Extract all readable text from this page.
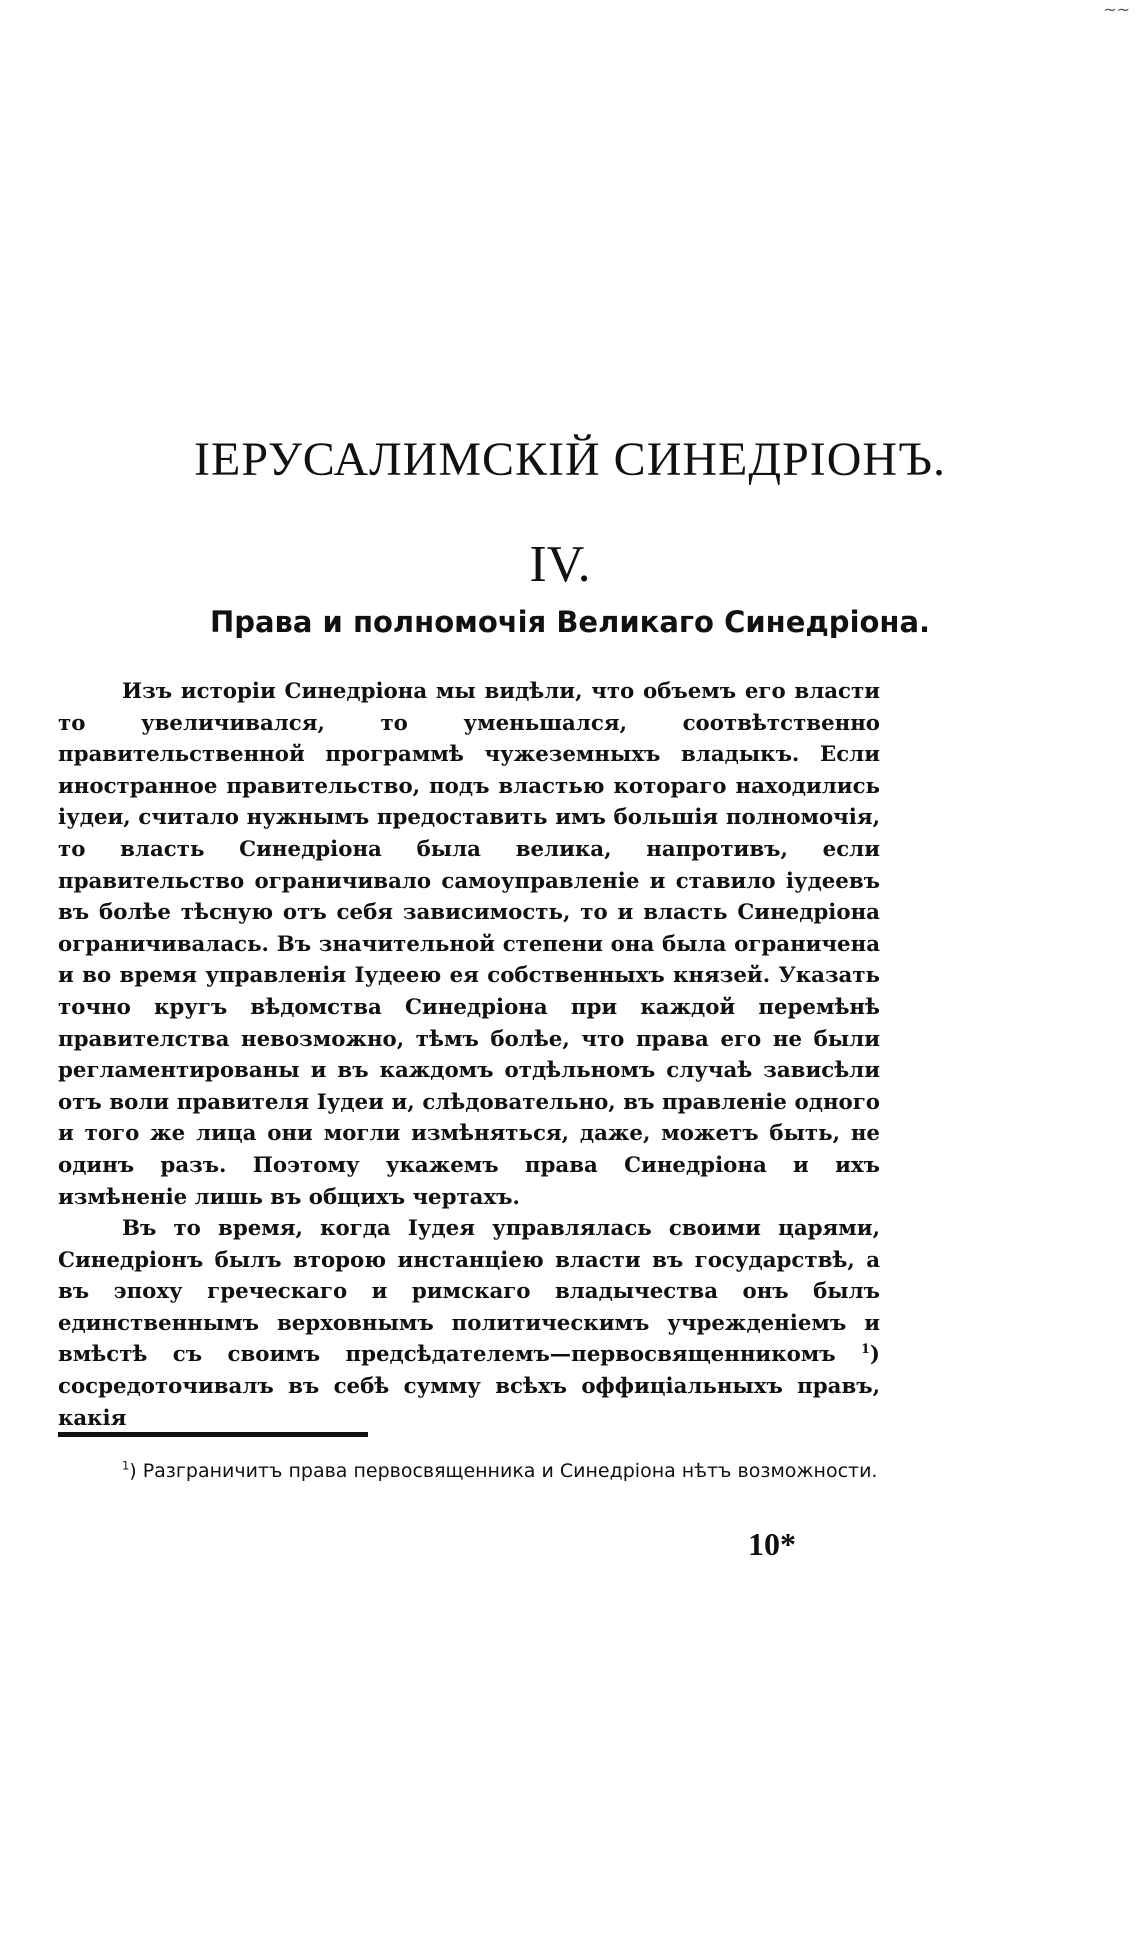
~~
ІЕРУСАЛИМСКІЙ СИНЕДРІОНЪ.
IV.
Права и полномочія Великаго Синедріона.

Изъ исторіи Синедріона мы видѣли, что объемъ его власти то увеличивался, то уменьшался, соотвѣтственно правительственной программѣ чужеземныхъ владыкъ. Если иностранное правительство, подъ властью котораго находились іудеи, считало нужнымъ предоставить имъ большія полномочія, то власть Синедріона была велика, напротивъ, если правительство ограничивало самоуправленіе и ставило іудеевъ въ болѣе тѣсную отъ себя зависимость, то и власть Синедріона ограничивалась. Въ значительной степени она была ограничена и во время управленія Іудеею ея собственныхъ князей. Указать точно кругъ вѣдомства Синедріона при каждой перемѣнѣ правителства невозможно, тѣмъ болѣе, что права его не были регламентированы и въ каждомъ отдѣльномъ случаѣ зависѣли отъ воли правителя Іудеи и, слѣдовательно, въ правленіе одного и того же лица они могли измѣняться, даже, можетъ быть, не одинъ разъ. Поэтому укажемъ права Синедріона и ихъ измѣненіе лишь въ общихъ чертахъ.

Въ то время, когда Іудея управлялась своими царями, Синедріонъ былъ второю инстанціею власти въ государствѣ, а въ эпоху греческаго и римскаго владычества онъ былъ единственнымъ верховнымъ политическимъ учрежденіемъ и вмѣстѣ съ своимъ предсѣдателемъ—первосвященникомъ $^1$) сосредоточивалъ въ себѣ сумму всѣхъ оффиціальныхъ правъ, какія

$^1$) Разграничитъ права первосвященника и Синедріона нѣтъ возможности.

10*
